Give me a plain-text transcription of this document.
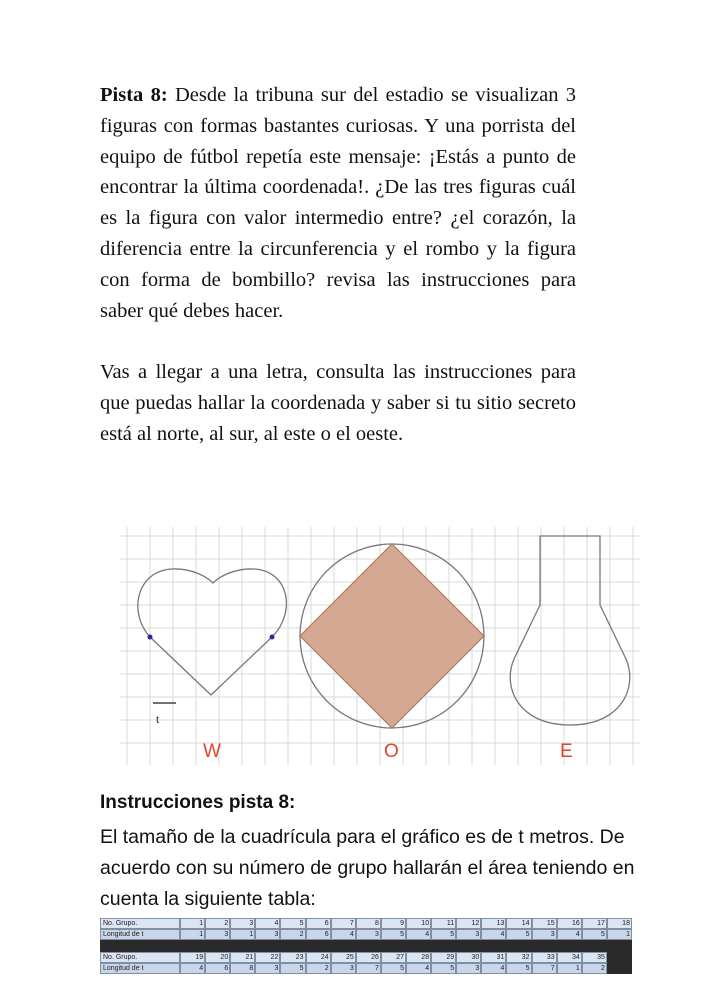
Pista 8: Desde la tribuna sur del estadio se visualizan 3 figuras con formas bastantes curiosas. Y una porrista del equipo de fútbol repetía este mensaje: ¡Estás a punto de encontrar la última coordenada!. ¿De las tres figuras cuál es la figura con valor intermedio entre? ¿el corazón, la diferencia entre la circunferencia y el rombo y la figura con forma de bombillo? revisa las instrucciones para saber qué debes hacer.

Vas a llegar a una letra, consulta las instrucciones para que puedas hallar la coordenada y saber si tu sitio secreto está al norte, al sur, al este o el oeste.

t
W	O	E
Instrucciones pista 8:
El tamaño de la cuadrícula para el gráfico es de t metros. De acuerdo con su número de grupo hallarán el área teniendo en cuenta la siguiente tabla:
No. Grupo.	1	2	3	4	5	6	7	8	9	10	11	12	13	14	15	16	17	18
Longitud de t	1	3	1	3	2	6	4	3	5	4	5	3	4	5	3	4	5	1
No. Grupo.	19	20	21	22	23	24	25	26	27	28	29	30	31	32	33	34	35
Longitud de t	4	6	8	3	5	2	3	7	5	4	5	3	4	5	7	1	2
